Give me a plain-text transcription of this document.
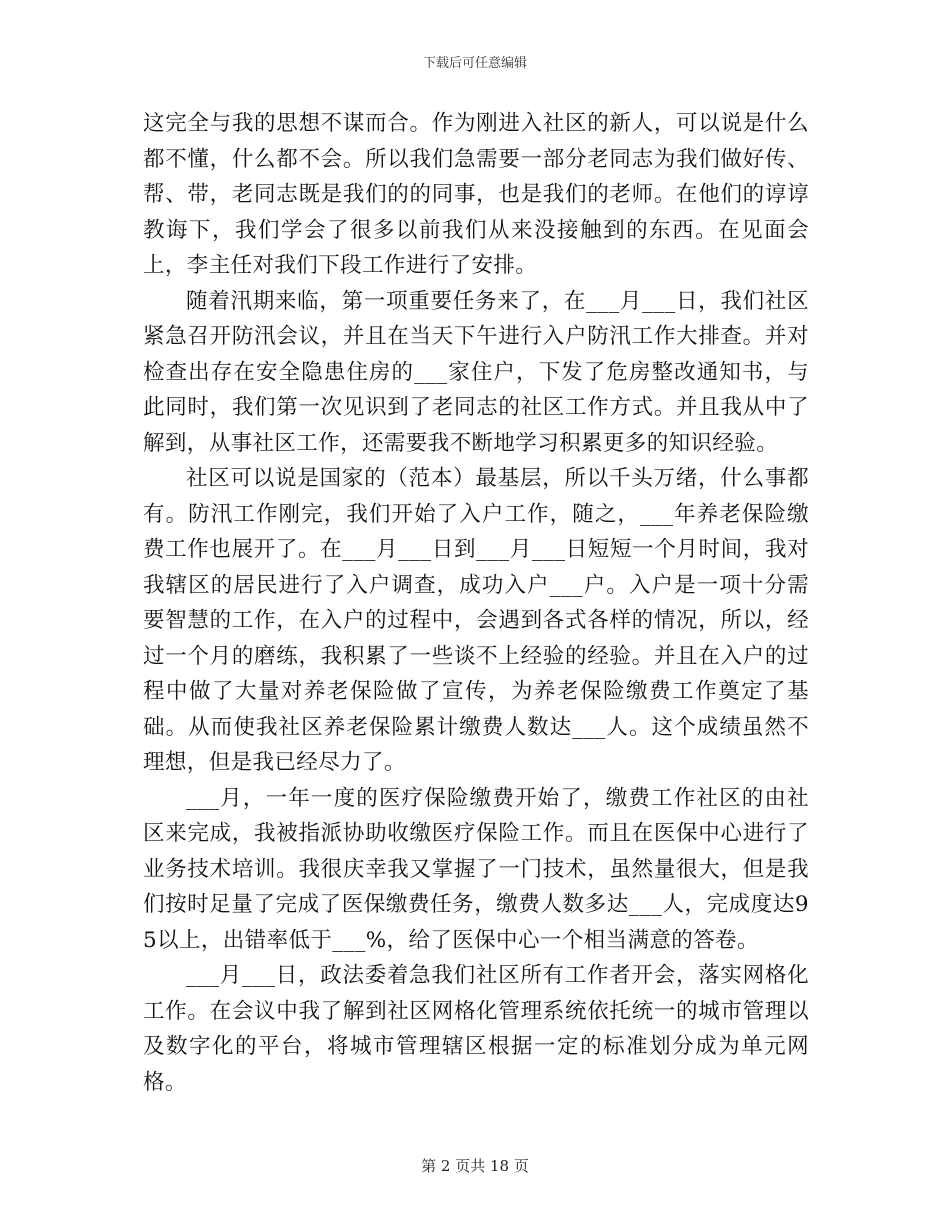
下载后可任意编辑

这完全与我的思想不谋而合。作为刚进入社区的新人，可以说是什么都不懂，什么都不会。所以我们急需要一部分老同志为我们做好传、帮、带，老同志既是我们的的同事，也是我们的老师。在他们的谆谆教诲下，我们学会了很多以前我们从来没接触到的东西。在见面会上，李主任对我们下段工作进行了安排。

随着汛期来临，第一项重要任务来了，在___月___日，我们社区紧急召开防汛会议，并且在当天下午进行入户防汛工作大排查。并对检查出存在安全隐患住房的___家住户，下发了危房整改通知书，与此同时，我们第一次见识到了老同志的社区工作方式。并且我从中了解到，从事社区工作，还需要我不断地学习积累更多的知识经验。

社区可以说是国家的（范本）最基层，所以千头万绪，什么事都有。防汛工作刚完，我们开始了入户工作，随之，___年养老保险缴费工作也展开了。在___月___日到___月___日短短一个月时间，我对我辖区的居民进行了入户调查，成功入户___户。入户是一项十分需要智慧的工作，在入户的过程中，会遇到各式各样的情况，所以，经过一个月的磨练，我积累了一些谈不上经验的经验。并且在入户的过程中做了大量对养老保险做了宣传，为养老保险缴费工作奠定了基础。从而使我社区养老保险累计缴费人数达___人。这个成绩虽然不理想，但是我已经尽力了。

___月，一年一度的医疗保险缴费开始了，缴费工作社区的由社区来完成，我被指派协助收缴医疗保险工作。而且在医保中心进行了业务技术培训。我很庆幸我又掌握了一门技术，虽然量很大，但是我们按时足量了完成了医保缴费任务，缴费人数多达___人，完成度达95以上，出错率低于___%，给了医保中心一个相当满意的答卷。

___月___日，政法委着急我们社区所有工作者开会，落实网格化工作。在会议中我了解到社区网格化管理系统依托统一的城市管理以及数字化的平台，将城市管理辖区根据一定的标准划分成为单元网格。

第 2 页共 18 页
